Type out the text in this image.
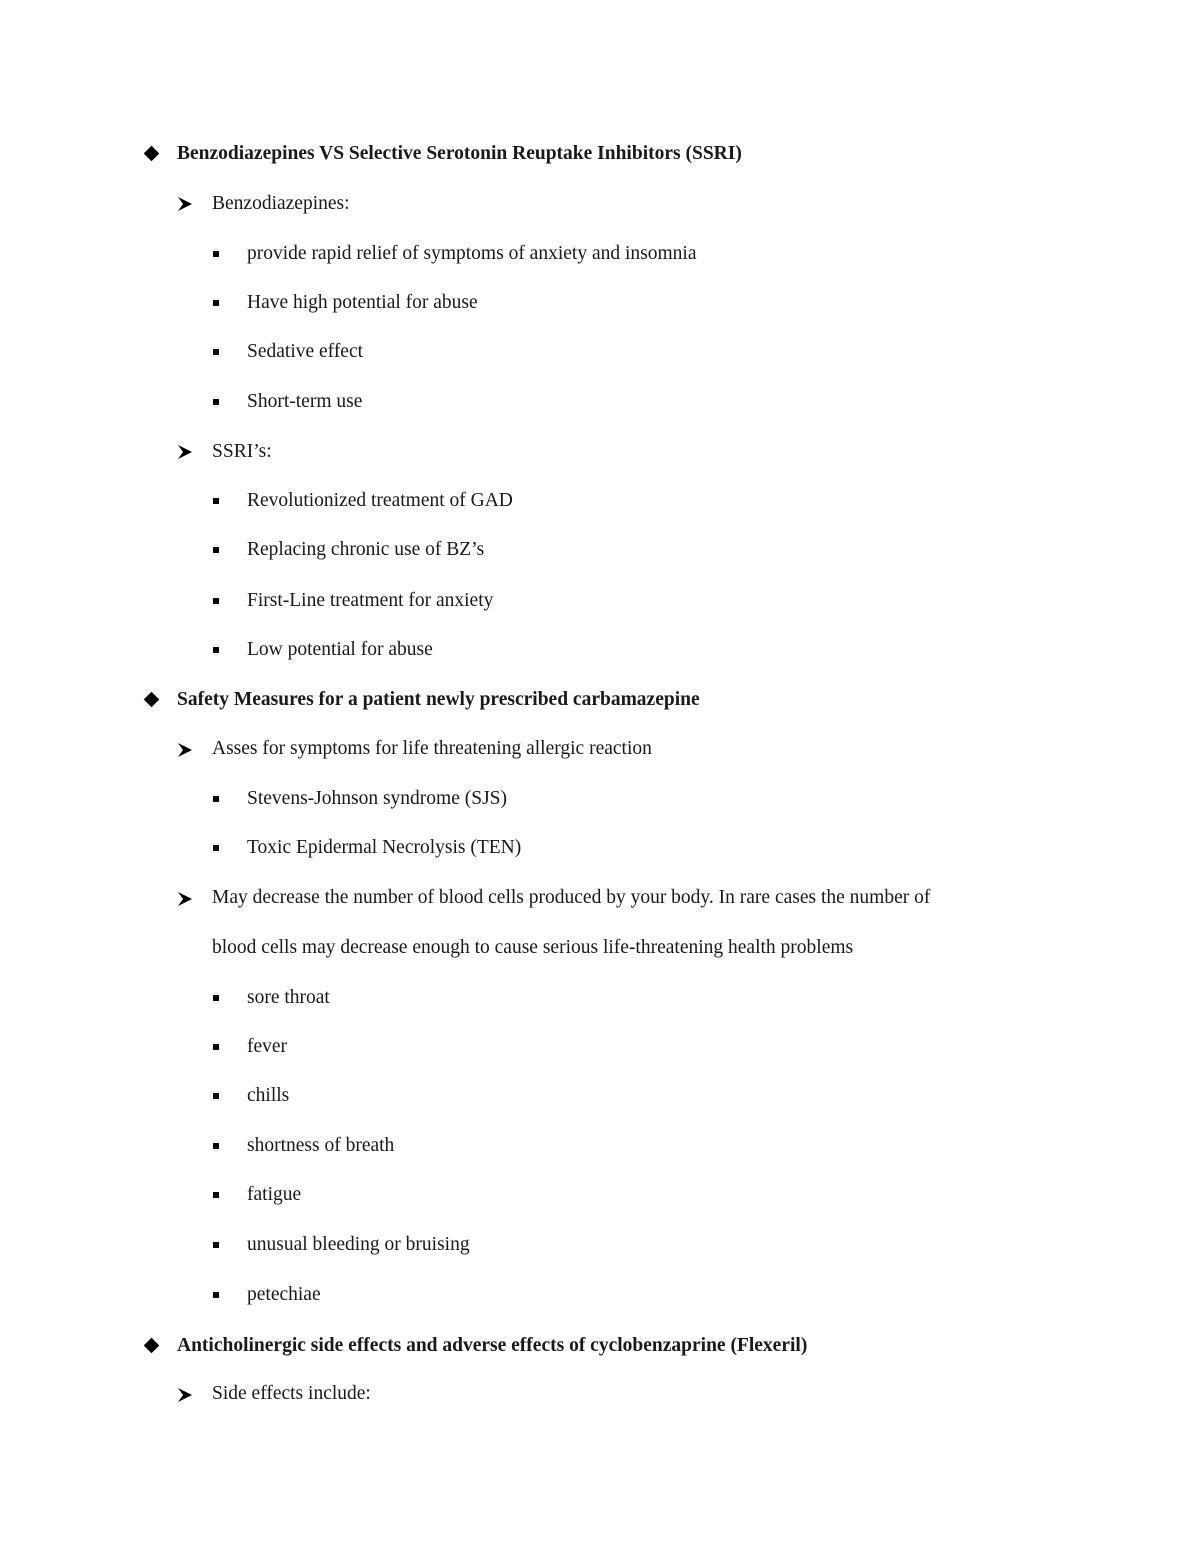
Benzodiazepines VS Selective Serotonin Reuptake Inhibitors (SSRI)
Benzodiazepines:
provide rapid relief of symptoms of anxiety and insomnia
Have high potential for abuse
Sedative effect
Short-term use
SSRI’s:
Revolutionized treatment of GAD
Replacing chronic use of BZ’s
First-Line treatment for anxiety
Low potential for abuse
Safety Measures for a patient newly prescribed carbamazepine
Asses for symptoms for life threatening allergic reaction
Stevens-Johnson syndrome (SJS)
Toxic Epidermal Necrolysis (TEN)
May decrease the number of blood cells produced by your body. In rare cases the number of
blood cells may decrease enough to cause serious life-threatening health problems
sore throat
fever
chills
shortness of breath
fatigue
unusual bleeding or bruising
petechiae
Anticholinergic side effects and adverse effects of cyclobenzaprine (Flexeril)
Side effects include:
